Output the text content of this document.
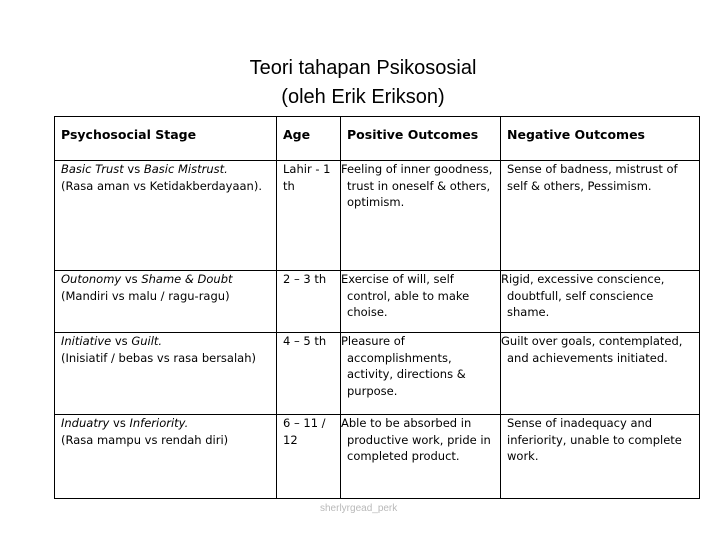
Teori tahapan Psikososial
(oleh Erik Erikson)
Psychosocial Stage	Age	Positive Outcomes	Negative Outcomes

Basic Trust vs Basic Mistrust.
(Rasa aman vs Ketidakberdayaan).	Lahir - 1 th	Feeling of inner goodness, trust in oneself & others, optimism.	Sense of badness, mistrust of self & others, Pessimism.

Outonomy vs Shame & Doubt
(Mandiri vs malu / ragu-ragu)	2 – 3 th	Exercise of will, self control, able to make choise.	Rigid, excessive conscience, doubtfull, self conscience shame.

Initiative vs Guilt.
(Inisiatif / bebas vs rasa bersalah)	4 – 5 th	Pleasure of accomplishments, activity, directions & purpose.	Guilt over goals, contemplated, and achievements initiated.

Induatry vs Inferiority.
(Rasa mampu vs rendah diri)	6 – 11 / 12	Able to be absorbed in productive work, pride in completed product.	Sense of inadequacy and inferiority, unable to complete work.
sherlyrgead_perk
